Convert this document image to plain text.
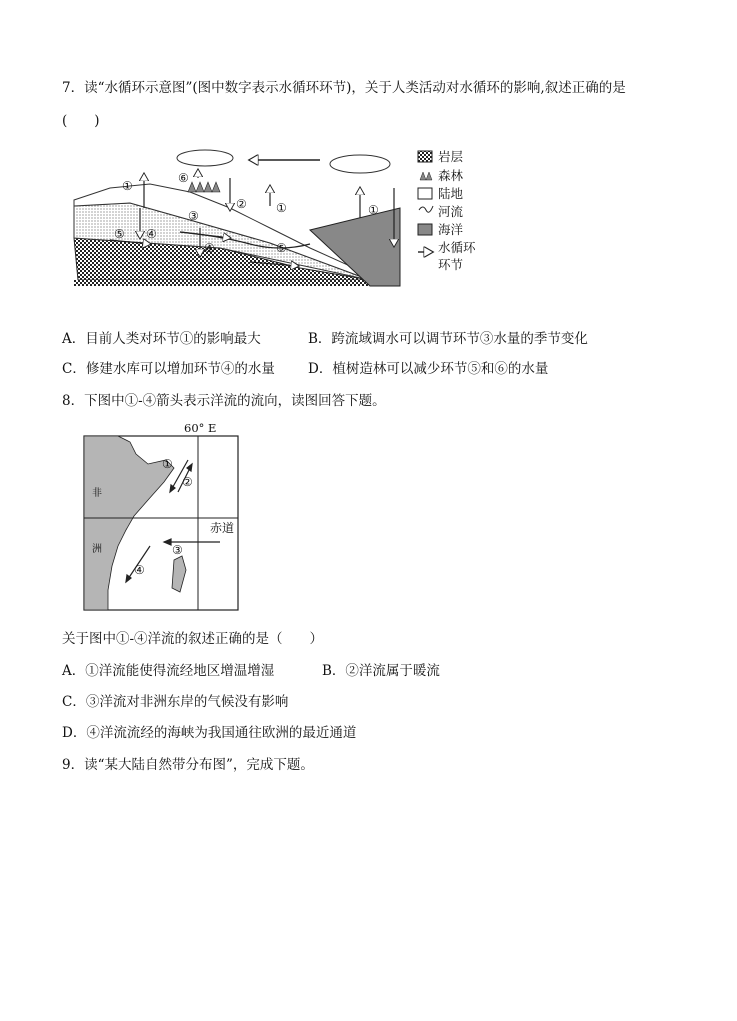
7．读“水循环示意图”(图中数字表示水循环环节)，关于人类活动对水循环的影响,叙述正确的是
(　　)
①
⑥
② ①	①
③
④
④
⑤
⑤
岩层
森林
陆地
河流
海洋
水循环
环节
A．目前人类对环节①的影响最大	B．跨流域调水可以调节环节③水量的季节变化
C．修建水库可以增加环节④的水量 D．植树造林可以减少环节⑤和⑥的水量
8．下图中①-④箭头表示洋流的流向，读图回答下题。
60° E
非
洲
赤道
①
②
③
④
关于图中①-④洋流的叙述正确的是（　　）
A．①洋流能使得流经地区增温增湿	B．②洋流属于暖流
C．③洋流对非洲东岸的气候没有影响
D．④洋流流经的海峡为我国通往欧洲的最近通道
9．读“某大陆自然带分布图”，完成下题。
